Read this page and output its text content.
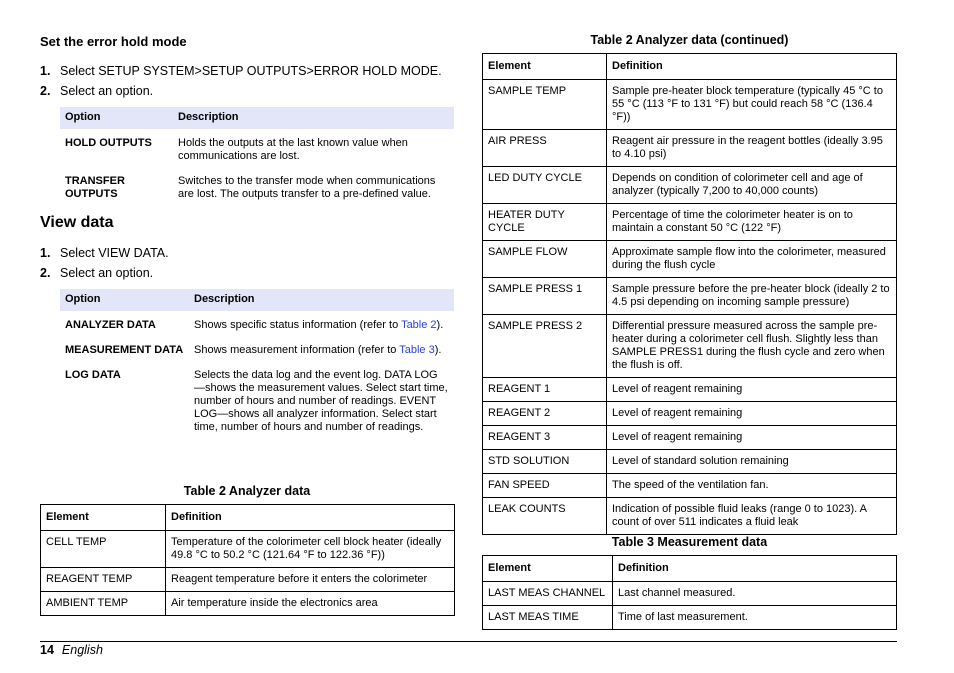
Set the error hold mode
1. Select SETUP SYSTEM>SETUP OUTPUTS>ERROR HOLD MODE.
2. Select an option.
Option	Description
HOLD OUTPUTS	Holds the outputs at the last known value when communications are lost.
TRANSFER OUTPUTS	Switches to the transfer mode when communications are lost. The outputs transfer to a pre-defined value.
View data
1. Select VIEW DATA.
2. Select an option.
Option	Description
ANALYZER DATA	Shows specific status information (refer to Table 2).
MEASUREMENT DATA	Shows measurement information (refer to Table 3).
LOG DATA	Selects the data log and the event log. DATA LOG —shows the measurement values. Select start time, number of hours and number of readings. EVENT LOG—shows all analyzer information. Select start time, number of hours and number of readings.
Table 2 Analyzer data
Element	Definition
CELL TEMP	Temperature of the colorimeter cell block heater (ideally 49.8 °C to 50.2 °C (121.64 °F to 122.36 °F))
REAGENT TEMP	Reagent temperature before it enters the colorimeter
AMBIENT TEMP	Air temperature inside the electronics area
Table 2 Analyzer data (continued)
Element	Definition
SAMPLE TEMP	Sample pre-heater block temperature (typically 45 °C to 55 °C (113 °F to 131 °F) but could reach 58 °C (136.4 °F))
AIR PRESS	Reagent air pressure in the reagent bottles (ideally 3.95 to 4.10 psi)
LED DUTY CYCLE	Depends on condition of colorimeter cell and age of analyzer (typically 7,200 to 40,000 counts)
HEATER DUTY CYCLE	Percentage of time the colorimeter heater is on to maintain a constant 50 °C (122 °F)
SAMPLE FLOW	Approximate sample flow into the colorimeter, measured during the flush cycle
SAMPLE PRESS 1	Sample pressure before the pre-heater block (ideally 2 to 4.5 psi depending on incoming sample pressure)
SAMPLE PRESS 2	Differential pressure measured across the sample pre-heater during a colorimeter cell flush. Slightly less than SAMPLE PRESS1 during the flush cycle and zero when the flush is off.
REAGENT 1	Level of reagent remaining
REAGENT 2	Level of reagent remaining
REAGENT 3	Level of reagent remaining
STD SOLUTION	Level of standard solution remaining
FAN SPEED	The speed of the ventilation fan.
LEAK COUNTS	Indication of possible fluid leaks (range 0 to 1023). A count of over 511 indicates a fluid leak
Table 3 Measurement data
Element	Definition
LAST MEAS CHANNEL	Last channel measured.
LAST MEAS TIME	Time of last measurement.
14 English
